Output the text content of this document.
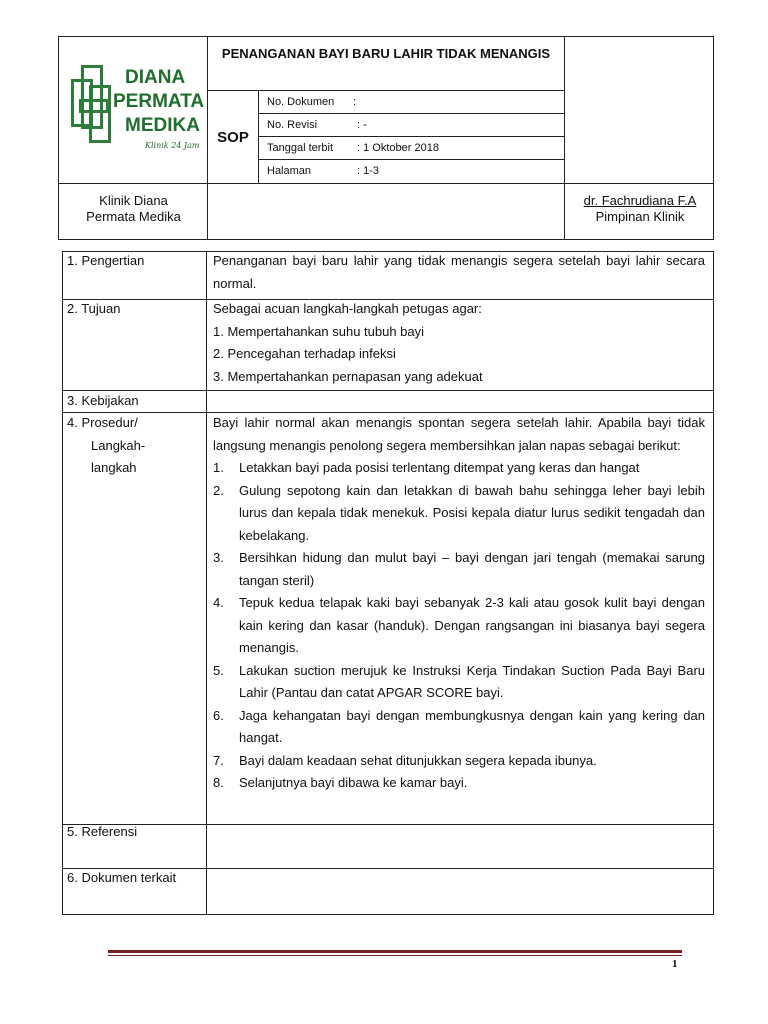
DIANA
PERMATA
MEDIKA
Klinik 24 Jam
PENANGANAN BAYI BARU LAHIR TIDAK MENANGIS
SOP
No. Dokumen :
No. Revisi	: -
Tanggal terbit : 1 Oktober 2018
Halaman	: 1-3
Klinik Diana
Permata Medika
dr. Fachrudiana F.A
Pimpinan Klinik
1. Pengertian	Penanganan bayi baru lahir yang tidak menangis segera setelah bayi lahir secara normal.
2. Tujuan	Sebagai acuan langkah-langkah petugas agar:

1. Mempertahankan suhu tubuh bayi

2. Pencegahan terhadap infeksi

3. Mempertahankan pernapasan yang adekuat

3. Kebijakan
4. Prosedur/
Langkah-
langkah

Bayi lahir normal akan menangis spontan segera setelah lahir. Apabila bayi tidak langsung menangis penolong segera membersihkan jalan napas sebagai berikut:

1.	Letakkan bayi pada posisi terlentang ditempat yang keras dan hangat
2.	Gulung sepotong kain dan letakkan di bawah bahu sehingga leher bayi lebih lurus dan kepala tidak menekuk. Posisi kepala diatur lurus sedikit tengadah dan kebelakang.
3.	Bersihkan hidung dan mulut bayi – bayi dengan jari tengah (memakai sarung tangan steril)
4.	Tepuk kedua telapak kaki bayi sebanyak 2-3 kali atau gosok kulit bayi dengan kain kering dan kasar (handuk). Dengan rangsangan ini biasanya bayi segera menangis.
5.	Lakukan suction merujuk ke Instruksi Kerja Tindakan Suction Pada Bayi Baru Lahir (Pantau dan catat APGAR SCORE bayi.
6.	Jaga kehangatan bayi dengan membungkusnya dengan kain yang kering dan hangat.
7.	Bayi dalam keadaan sehat ditunjukkan segera kepada ibunya.
8.	Selanjutnya bayi dibawa ke kamar bayi.
5. Referensi
6. Dokumen terkait
1
